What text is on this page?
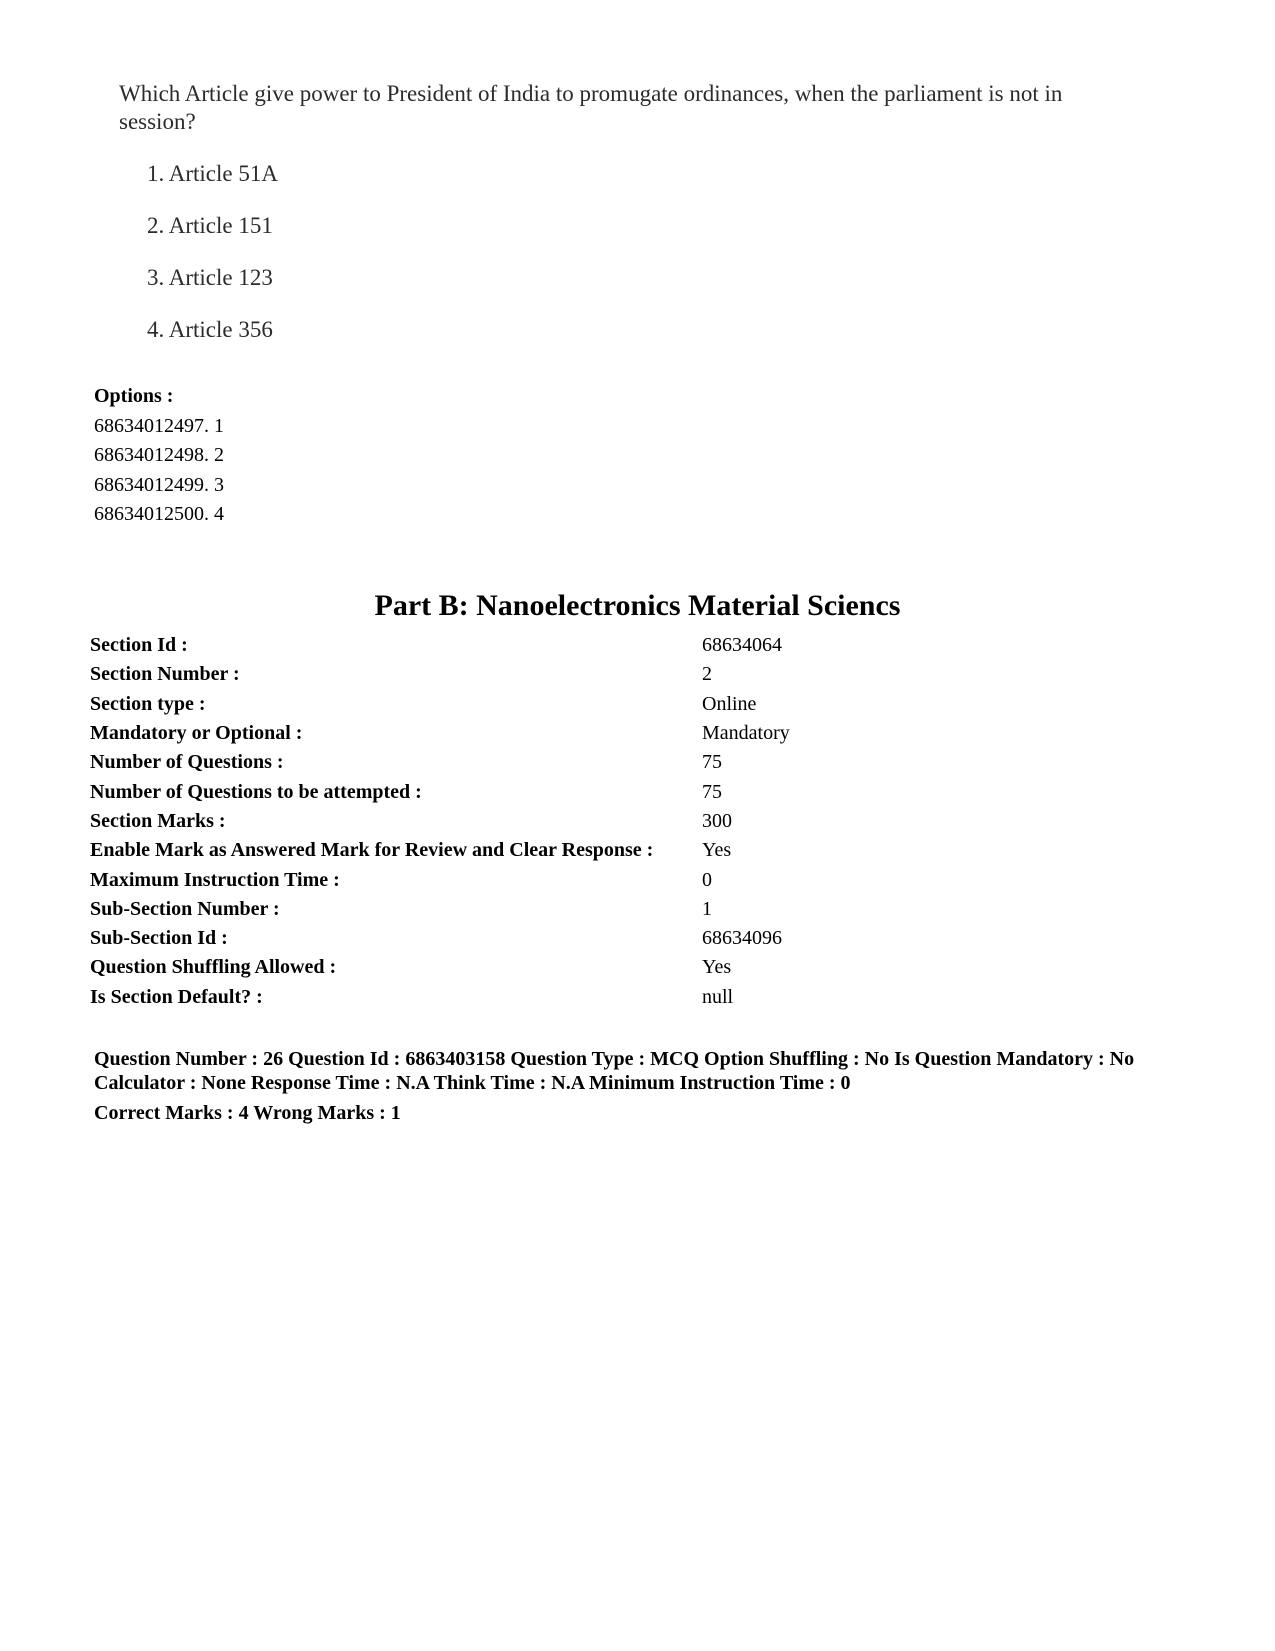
Which Article give power to President of India to promugate ordinances, when the parliament is not in session?

1. Article 51A
2. Article 151
3. Article 123
4. Article 356
Options :
68634012497. 1
68634012498. 2
68634012499. 3
68634012500. 4
Part B: Nanoelectronics Material Sciencs
Section Id :	68634064
Section Number :	2
Section type :	Online
Mandatory or Optional :	Mandatory
Number of Questions :	75
Number of Questions to be attempted :	75
Section Marks :	300
Enable Mark as Answered Mark for Review and Clear Response :	Yes
Maximum Instruction Time :	0
Sub-Section Number :	1
Sub-Section Id :	68634096
Question Shuffling Allowed :	Yes
Is Section Default? :	null
Question Number : 26 Question Id : 6863403158 Question Type : MCQ Option Shuffling : No Is Question Mandatory : No Calculator : None Response Time : N.A Think Time : N.A Minimum Instruction Time : 0
Correct Marks : 4 Wrong Marks : 1
